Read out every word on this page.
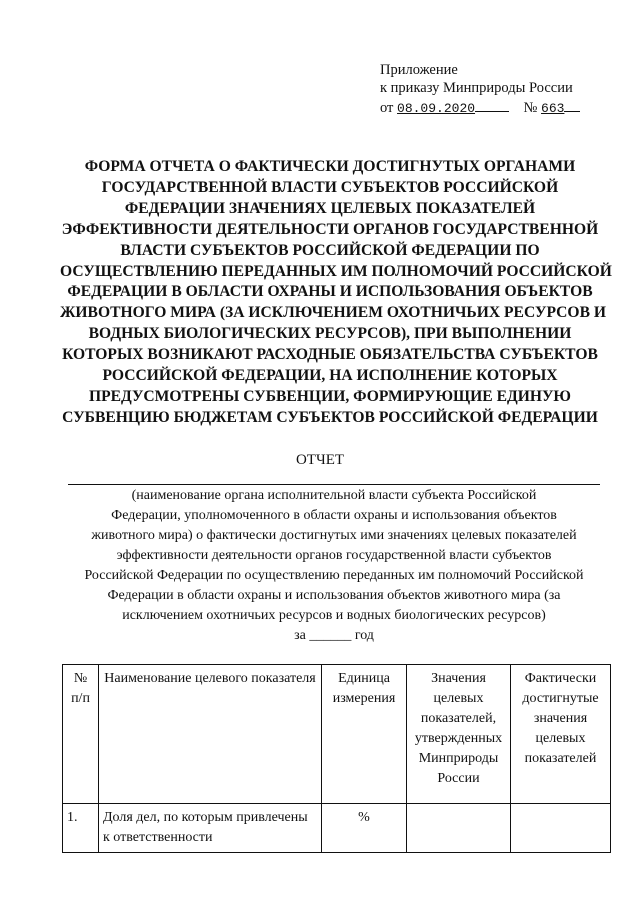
Приложение
к приказу Минприроды России
от 08.09.2020	№ 663
ФОРМА ОТЧЕТА О ФАКТИЧЕСКИ ДОСТИГНУТЫХ ОРГАНАМИ
ГОСУДАРСТВЕННОЙ ВЛАСТИ СУБЪЕКТОВ РОССИЙСКОЙ
ФЕДЕРАЦИИ ЗНАЧЕНИЯХ ЦЕЛЕВЫХ ПОКАЗАТЕЛЕЙ
ЭФФЕКТИВНОСТИ ДЕЯТЕЛЬНОСТИ ОРГАНОВ ГОСУДАРСТВЕННОЙ
ВЛАСТИ СУБЪЕКТОВ РОССИЙСКОЙ ФЕДЕРАЦИИ ПО
ОСУЩЕСТВЛЕНИЮ ПЕРЕДАННЫХ ИМ ПОЛНОМОЧИЙ РОССИЙСКОЙ
ФЕДЕРАЦИИ В ОБЛАСТИ ОХРАНЫ И ИСПОЛЬЗОВАНИЯ ОБЪЕКТОВ
ЖИВОТНОГО МИРА (ЗА ИСКЛЮЧЕНИЕМ ОХОТНИЧЬИХ РЕСУРСОВ И
ВОДНЫХ БИОЛОГИЧЕСКИХ РЕСУРСОВ), ПРИ ВЫПОЛНЕНИИ
КОТОРЫХ ВОЗНИКАЮТ РАСХОДНЫЕ ОБЯЗАТЕЛЬСТВА СУБЪЕКТОВ
РОССИЙСКОЙ ФЕДЕРАЦИИ, НА ИСПОЛНЕНИЕ КОТОРЫХ
ПРЕДУСМОТРЕНЫ СУБВЕНЦИИ, ФОРМИРУЮЩИЕ ЕДИНУЮ
СУБВЕНЦИЮ БЮДЖЕТАМ СУБЪЕКТОВ РОССИЙСКОЙ ФЕДЕРАЦИИ
ОТЧЕТ
(наименование органа исполнительной власти субъекта Российской
Федерации, уполномоченного в области охраны и использования объектов
животного мира) о фактически достигнутых ими значениях целевых показателей
эффективности деятельности органов государственной власти субъектов
Российской Федерации по осуществлению переданных им полномочий Российской
Федерации в области охраны и использования объектов животного мира (за
исключением охотничьих ресурсов и водных биологических ресурсов)
за ______ год
№ п/п	Наименование целевого показателя	Единица измерения	Значения целевых показателей, утвержденных Минприроды России	Фактически достигнутые значения целевых показателей
1.	Доля дел, по которым привлечены к ответственности	%		
